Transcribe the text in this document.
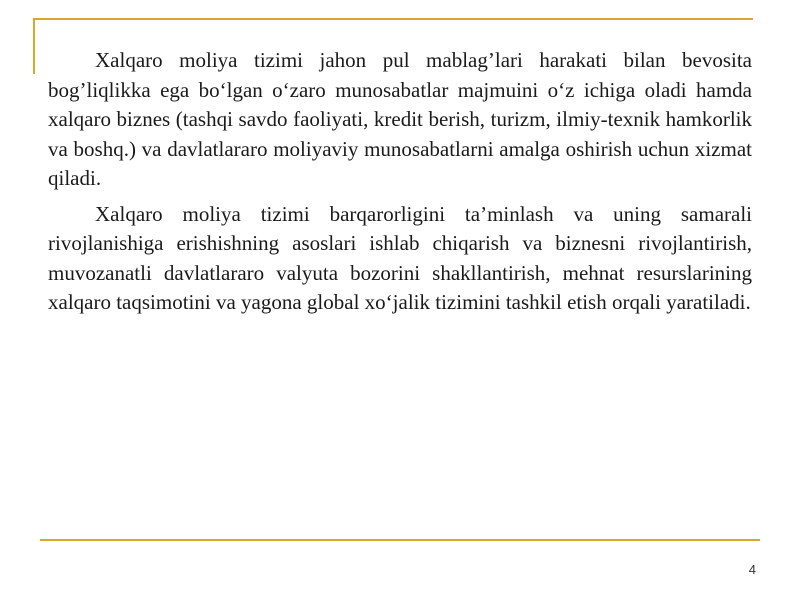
Xalqaro moliya tizimi jahon pul mablag’lari harakati bilan bevosita bog’liqlikka ega bo‘lgan o‘zaro munosabatlar majmuini o‘z ichiga oladi hamda xalqaro biznes (tashqi savdo faoliyati, kredit berish, turizm, ilmiy-texnik hamkorlik va boshq.) va davlatlararo moliyaviy munosabatlarni amalga oshirish uchun xizmat qiladi.

Xalqaro moliya tizimi barqarorligini ta’minlash va uning samarali rivojlanishiga erishishning asoslari ishlab chiqarish va biznesni rivojlantirish, muvozanatli davlatlararo valyuta bozorini shakllantirish, mehnat resurslarining xalqaro taqsimotini va yagona global xo‘jalik tizimini tashkil etish orqali yaratiladi.

4
